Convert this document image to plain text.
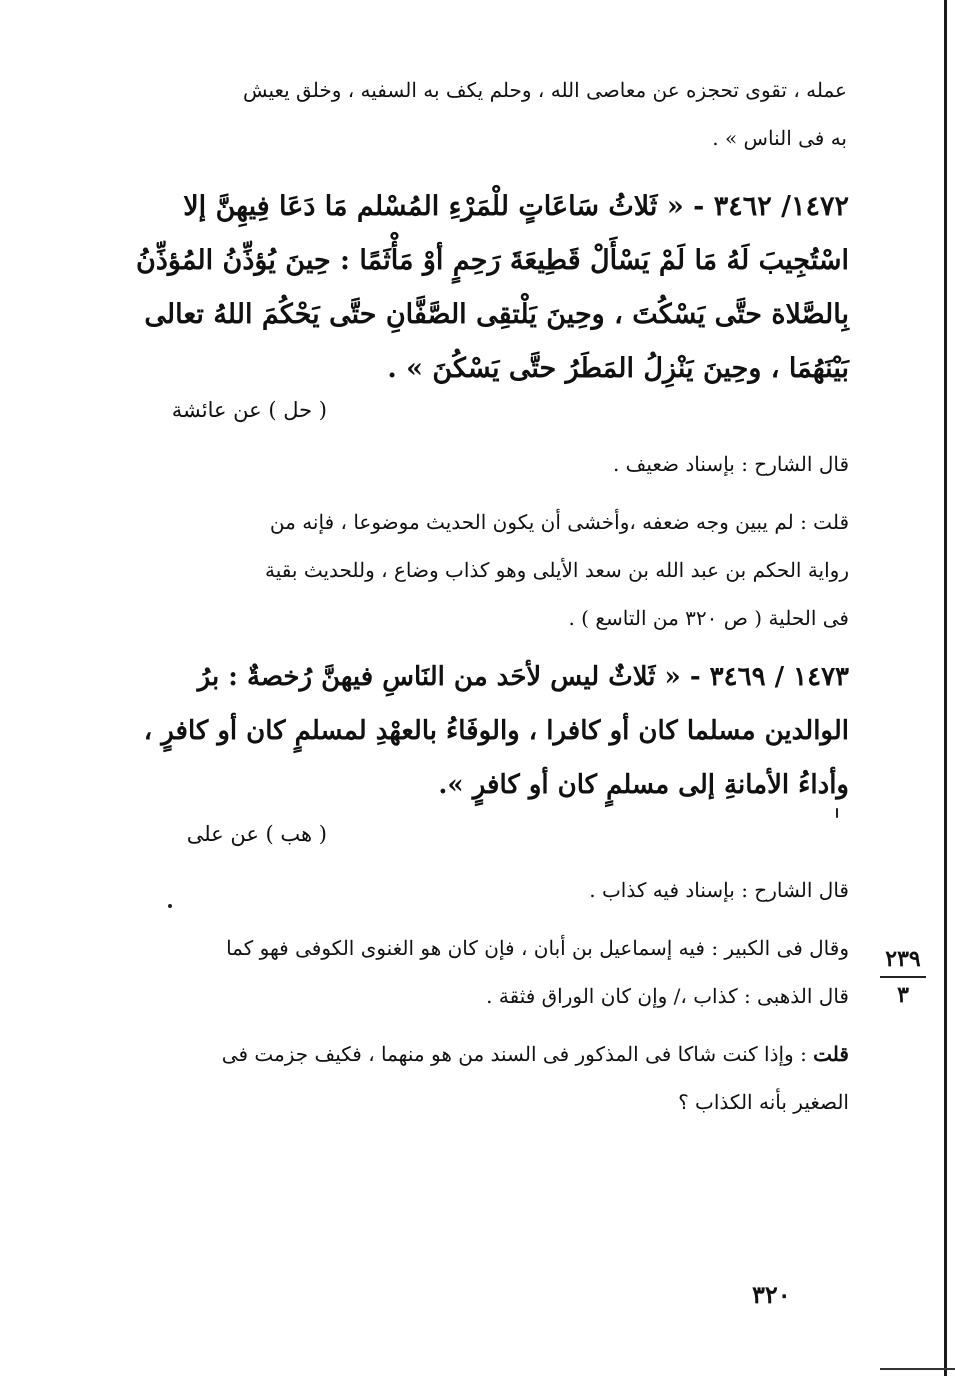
عمله ، تقوى تحجزه عن معاصى الله ، وحلم يكف به السفيه ، وخلق يعيش
به فى الناس » .
١٤٧٢/ ٣٤٦٢ - « ثَلاثُ سَاعَاتٍ للْمَرْءِ المُسْلم مَا دَعَا فِيهِنَّ إلا
اسْتُجِيبَ لَهُ مَا لَمْ يَسْأَلْ قَطِيعَةَ رَحِمٍ أوْ مَأْثَمًا : حِينَ يُؤذِّنُ المُؤذِّنُ
بِالصَّلاة حتَّى يَسْكُتَ ، وحِينَ يَلْتقِى الصَّفَّانِ حتَّى يَحْكُمَ اللهُ تعالى
بَيْنَهُمَا ، وحِينَ يَنْزِلُ المَطَرُ حتَّى يَسْكُنَ » .
( حل ) عن عائشة
قال الشارح : بإسناد ضعيف .
قلت : لم يبين وجه ضعفه ،وأخشى أن يكون الحديث موضوعا ، فإنه من
رواية الحكم بن عبد الله بن سعد الأيلى وهو كذاب وضاع ، وللحديث بقية
فى الحلية ( ص ٣٢٠ من التاسع ) .
١٤٧٣ / ٣٤٦٩ - « ثَلاثٌ ليس لأحَد من النَاسِ فيهنَّ رُخصةٌ : برُ
الوالدين مسلما كان أو كافرا ، والوفَاءُ بالعهْدِ لمسلمٍ كان أو كافرٍ ،
وأداءُ الأمانةِ إلى مسلمٍ كان أو كافرٍ ».
( هب ) عن على
قال الشارح : بإسناد فيه كذاب .
وقال فى الكبير : فيه إسماعيل بن أبان ، فإن كان هو الغنوى الكوفى فهو كما
قال الذهبى : كذاب ،/ وإن كان الوراق فثقة .
قلت : وإذا كنت شاكا فى المذكور فى السند من هو منهما ، فكيف جزمت فى
الصغير بأنه الكذاب ؟
٢٣٩
٣
٣٢٠
